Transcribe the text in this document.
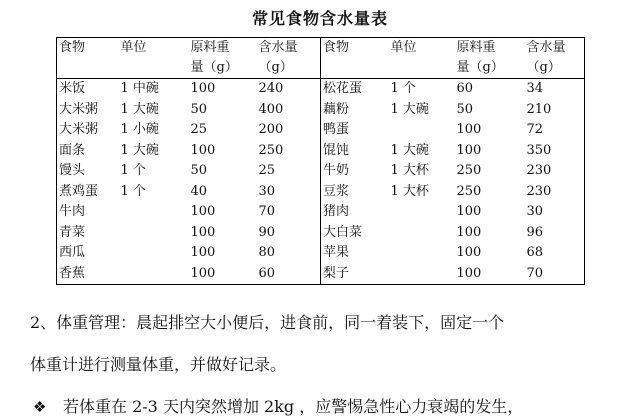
常见食物含水量表
食物	单位	原料重	含水量	食物	单位	原料重	含水量
		量（g）	（g）			量（g）	（g）
米饭	1 中碗	100	240	松花蛋	1 个	60	34
大米粥	1 大碗	50	400	藕粉	1 大碗	50	210
大米粥	1 小碗	25	200	鸭蛋		100	72
面条	1 大碗	100	250	馄饨	1 大碗	100	350
馒头	1 个	50	25	牛奶	1 大杯	250	230
煮鸡蛋	1 个	40	30	豆浆	1 大杯	250	230
牛肉		100	70	猪肉		100	30
青菜		100	90	大白菜		100	96
西瓜		100	80	苹果		100	68
香蕉		100	60	梨子		100	70
2、体重管理：晨起排空大小便后，进食前，同一着装下，固定一个
体重计进行测量体重，并做好记录。
❖ 若体重在 2-3 天内突然增加 2kg ，应警惕急性心力衰竭的发生，
